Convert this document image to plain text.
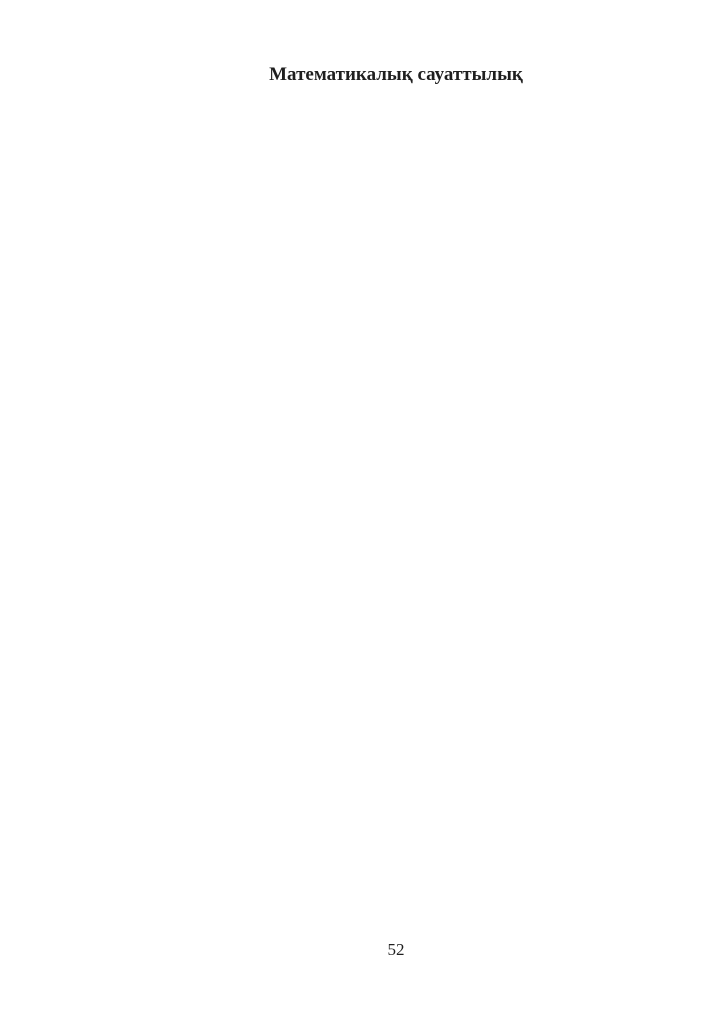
Математикалық сауаттылық
52
